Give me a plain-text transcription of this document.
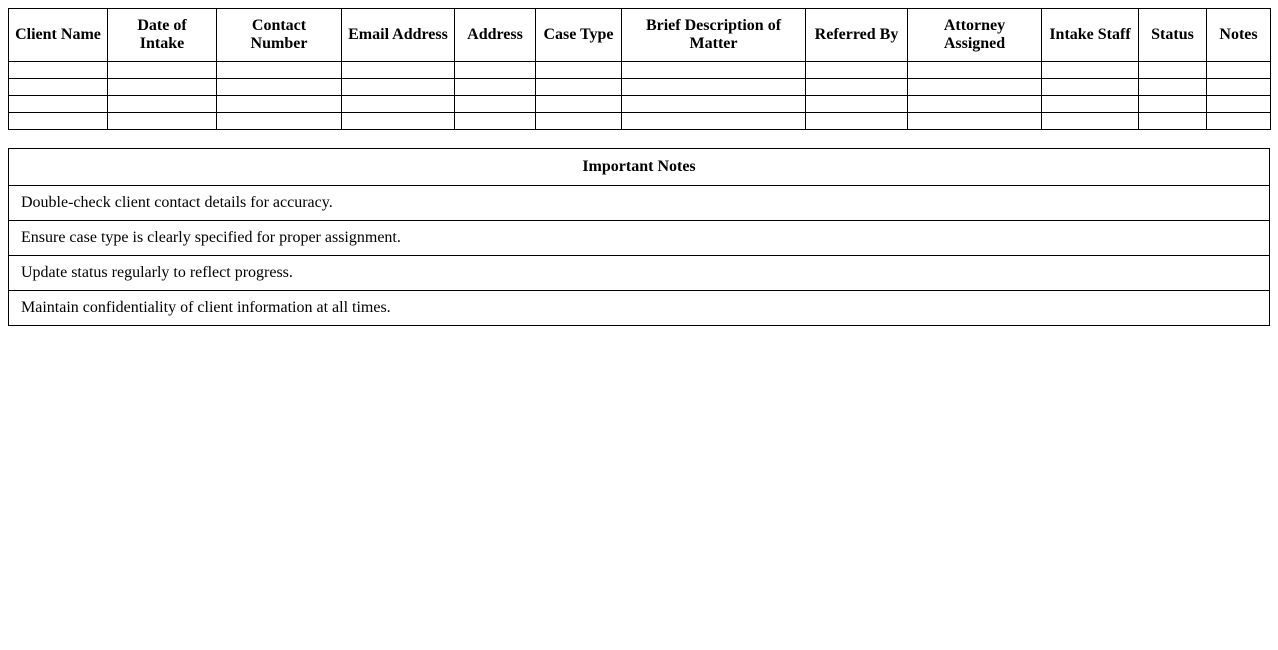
Client Name	Date of Intake	Contact Number	Email Address	Address	Case Type	Brief Description of Matter	Referred By	Attorney Assigned	Intake Staff	Status	Notes

Important Notes
Double-check client contact details for accuracy.
Ensure case type is clearly specified for proper assignment.
Update status regularly to reflect progress.
Maintain confidentiality of client information at all times.
